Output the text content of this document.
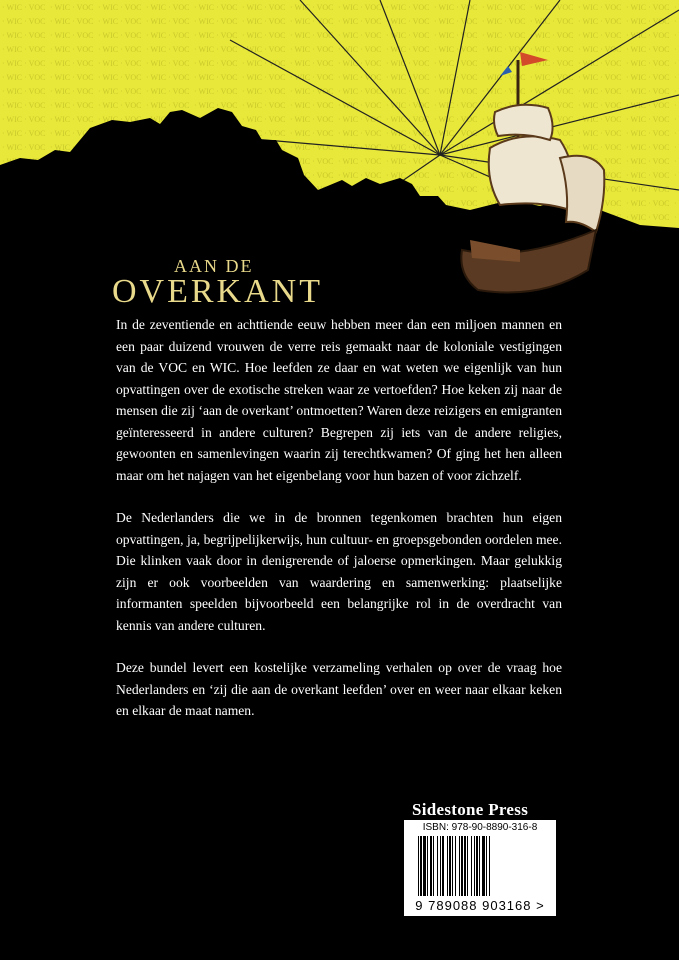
AAN DE
OVERKANT

In de zeventiende en achttiende eeuw hebben meer dan een miljoen mannen en een paar duizend vrouwen de verre reis gemaakt naar de koloniale vestigingen van de VOC en WIC. Hoe leefden ze daar en wat weten we eigenlijk van hun opvattingen over de exotische streken waar ze vertoefden? Hoe keken zij naar de mensen die zij ‘aan de overkant’ ontmoetten? Waren deze reizigers en emigranten geïnteresseerd in andere culturen? Begrepen zij iets van de andere religies, gewoonten en samenlevingen waarin zij terechtkwamen? Of ging het hen alleen maar om het najagen van het eigenbelang voor hun bazen of voor zichzelf.

De Nederlanders die we in de bronnen tegenkomen brachten hun eigen opvattingen, ja, begrijpelijkerwijs, hun cultuur- en groepsgebonden oordelen mee. Die klinken vaak door in denigrerende of jaloerse opmerkingen. Maar gelukkig zijn er ook voorbeelden van waardering en samenwerking: plaatselijke informanten speelden bijvoorbeeld een belangrijke rol in de overdracht van kennis van andere culturen.

Deze bundel levert een kostelijke verzameling verhalen op over de vraag hoe Nederlanders en ‘zij die aan de overkant leefden’ over en weer naar elkaar keken en elkaar de maat namen.

Sidestone Press
ISBN: 978-90-8890-316-8
9 789088 903168 >
